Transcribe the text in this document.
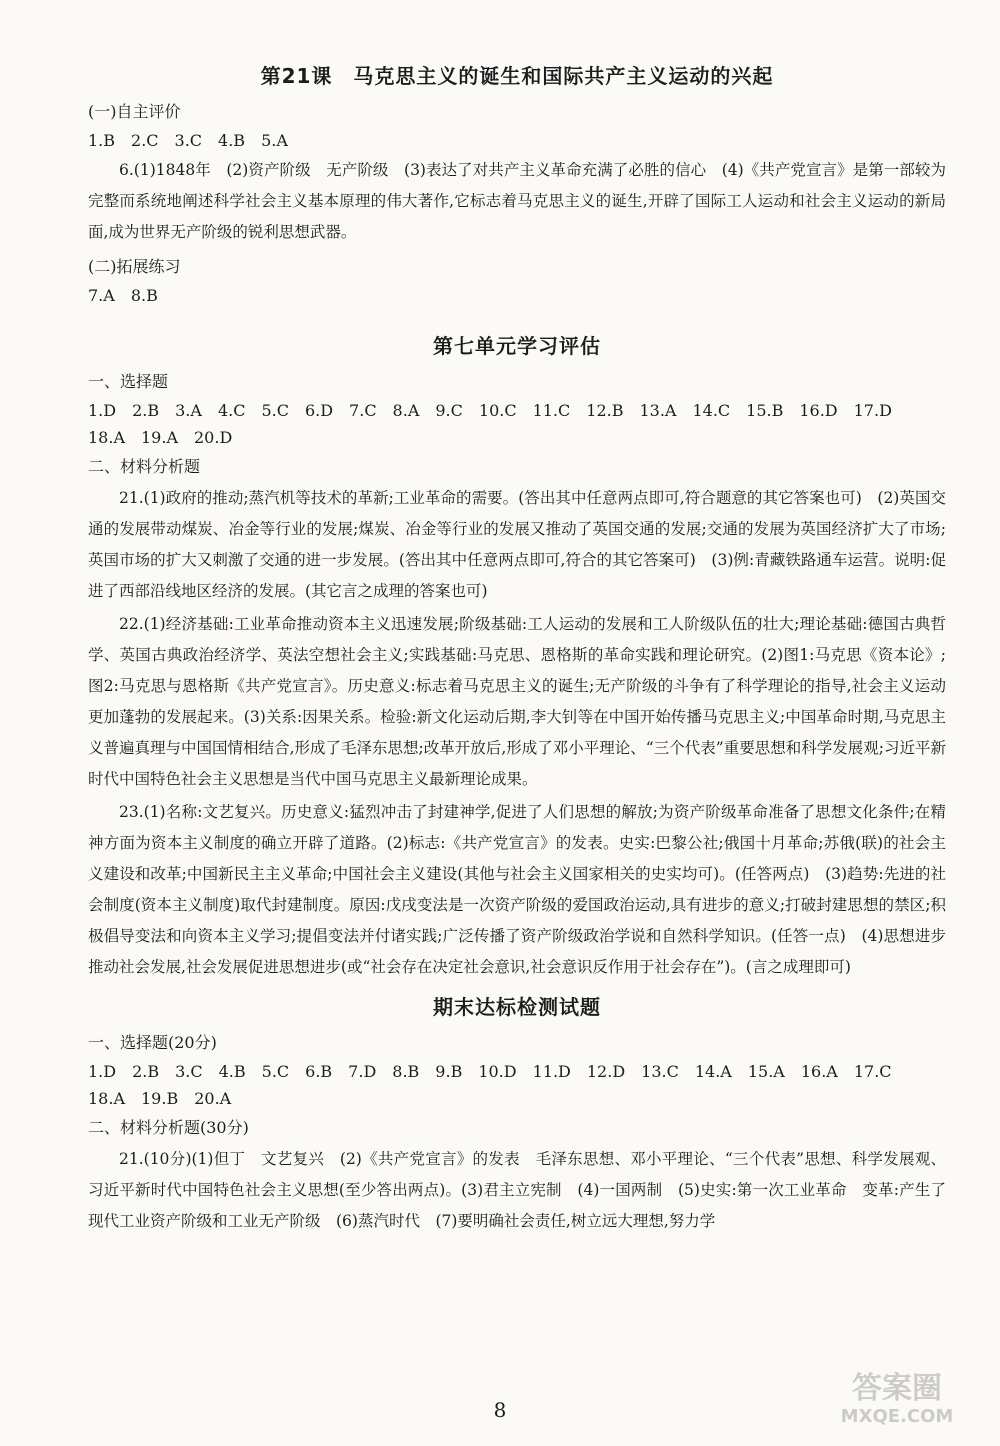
第21课　马克思主义的诞生和国际共产主义运动的兴起
(一)自主评价
1.B　2.C　3.C　4.B　5.A

6.(1)1848年　(2)资产阶级　无产阶级　(3)表达了对共产主义革命充满了必胜的信心　(4)《共产党宣言》是第一部较为完整而系统地阐述科学社会主义基本原理的伟大著作,它标志着马克思主义的诞生,开辟了国际工人运动和社会主义运动的新局面,成为世界无产阶级的锐利思想武器。

(二)拓展练习
7.A　8.B
第七单元学习评估
一、选择题
1.D　2.B　3.A　4.C　5.C　6.D　7.C　8.A　9.C　10.C　11.C　12.B　13.A　14.C　15.B　16.D　17.D
18.A　19.A　20.D
二、材料分析题

21.(1)政府的推动;蒸汽机等技术的革新;工业革命的需要。(答出其中任意两点即可,符合题意的其它答案也可)　(2)英国交通的发展带动煤炭、冶金等行业的发展;煤炭、冶金等行业的发展又推动了英国交通的发展;交通的发展为英国经济扩大了市场;英国市场的扩大又刺激了交通的进一步发展。(答出其中任意两点即可,符合的其它答案可)　(3)例:青藏铁路通车运营。说明:促进了西部沿线地区经济的发展。(其它言之成理的答案也可)

22.(1)经济基础:工业革命推动资本主义迅速发展;阶级基础:工人运动的发展和工人阶级队伍的壮大;理论基础:德国古典哲学、英国古典政治经济学、英法空想社会主义;实践基础:马克思、恩格斯的革命实践和理论研究。(2)图1:马克思《资本论》;图2:马克思与恩格斯《共产党宣言》。历史意义:标志着马克思主义的诞生;无产阶级的斗争有了科学理论的指导,社会主义运动更加蓬勃的发展起来。(3)关系:因果关系。检验:新文化运动后期,李大钊等在中国开始传播马克思主义;中国革命时期,马克思主义普遍真理与中国国情相结合,形成了毛泽东思想;改革开放后,形成了邓小平理论、“三个代表”重要思想和科学发展观;习近平新时代中国特色社会主义思想是当代中国马克思主义最新理论成果。

23.(1)名称:文艺复兴。历史意义:猛烈冲击了封建神学,促进了人们思想的解放;为资产阶级革命准备了思想文化条件;在精神方面为资本主义制度的确立开辟了道路。(2)标志:《共产党宣言》的发表。史实:巴黎公社;俄国十月革命;苏俄(联)的社会主义建设和改革;中国新民主主义革命;中国社会主义建设(其他与社会主义国家相关的史实均可)。(任答两点)　(3)趋势:先进的社会制度(资本主义制度)取代封建制度。原因:戊戌变法是一次资产阶级的爱国政治运动,具有进步的意义;打破封建思想的禁区;积极倡导变法和向资本主义学习;提倡变法并付诸实践;广泛传播了资产阶级政治学说和自然科学知识。(任答一点)　(4)思想进步推动社会发展,社会发展促进思想进步(或“社会存在决定社会意识,社会意识反作用于社会存在”)。(言之成理即可)

期末达标检测试题
一、选择题(20分)
1.D　2.B　3.C　4.B　5.C　6.B　7.D　8.B　9.B　10.D　11.D　12.D　13.C　14.A　15.A　16.A　17.C
18.A　19.B　20.A
二、材料分析题(30分)

21.(10分)(1)但丁　文艺复兴　(2)《共产党宣言》的发表　毛泽东思想、邓小平理论、“三个代表”思想、科学发展观、习近平新时代中国特色社会主义思想(至少答出两点)。(3)君主立宪制　(4)一国两制　(5)史实:第一次工业革命　变革:产生了现代工业资产阶级和工业无产阶级　(6)蒸汽时代　(7)要明确社会责任,树立远大理想,努力学

8
答案圈
MXQE.COM
